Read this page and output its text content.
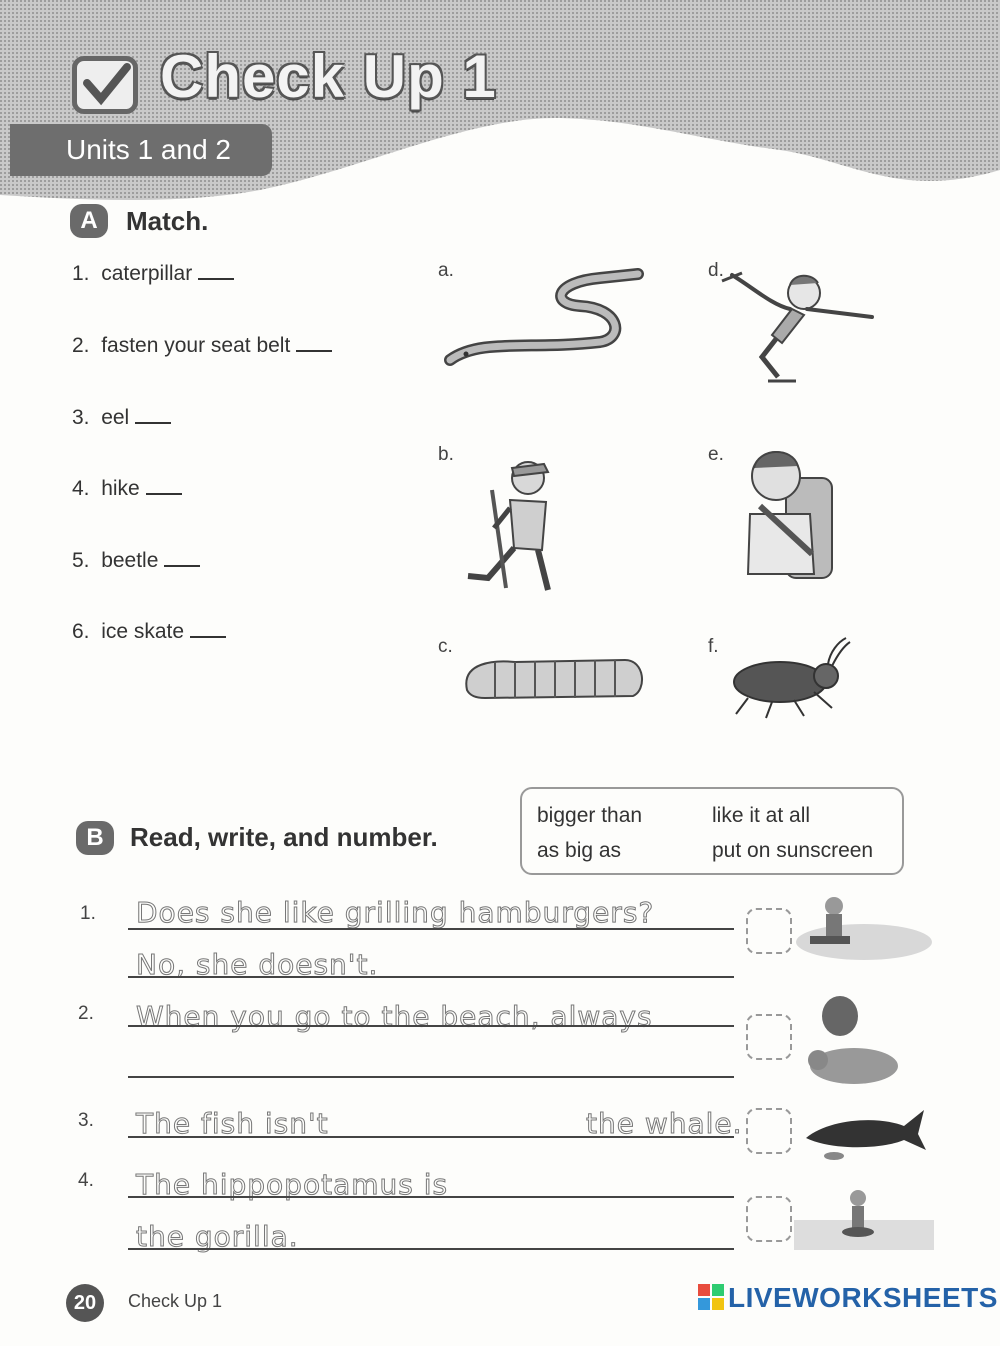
Check Up 1
Units 1 and 2
A	Match.
1. caterpillar
2. fasten your seat belt
3. eel
4. hike
5. beetle
6. ice skate
a.
b.
c.
d.
e.
f.
B	Read, write, and number.
bigger than	like it at all
as big as	put on sunscreen
1. Does she like grilling hamburgers?
No, she doesn't.
2. When you go to the beach, always
3. The fish isn't	the whale.
4. The hippopotamus is
the gorilla.
20	Check Up 1	LIVEWORKSHEETS
